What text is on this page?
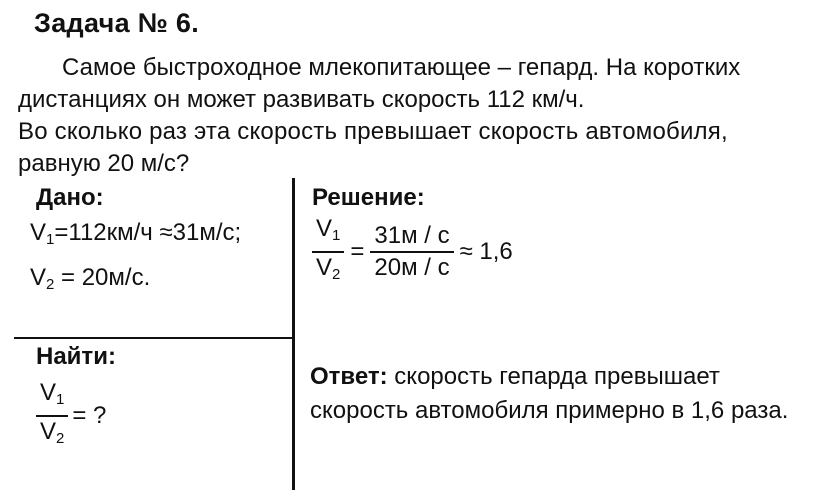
Задача № 6.
Самое быстроходное млекопитающее – гепард. На коротких
дистанциях он может развивать скорость 112 км/ч.
Во сколько раз эта скорость превышает скорость автомобиля,
равную 20 м/с?
Дано:
$V_1=112км/ч \approx 31м/с$;
$V_2 = 20м/с$.
Найти:
$\frac{V_1}{V_2}$ = ?
Решение:
$\frac{V_1}{V_2} = \frac{31м / с}{20м / с} \approx 1,6$
Ответ: скорость гепарда превышает
скорость автомобиля примерно в 1,6 раза.
